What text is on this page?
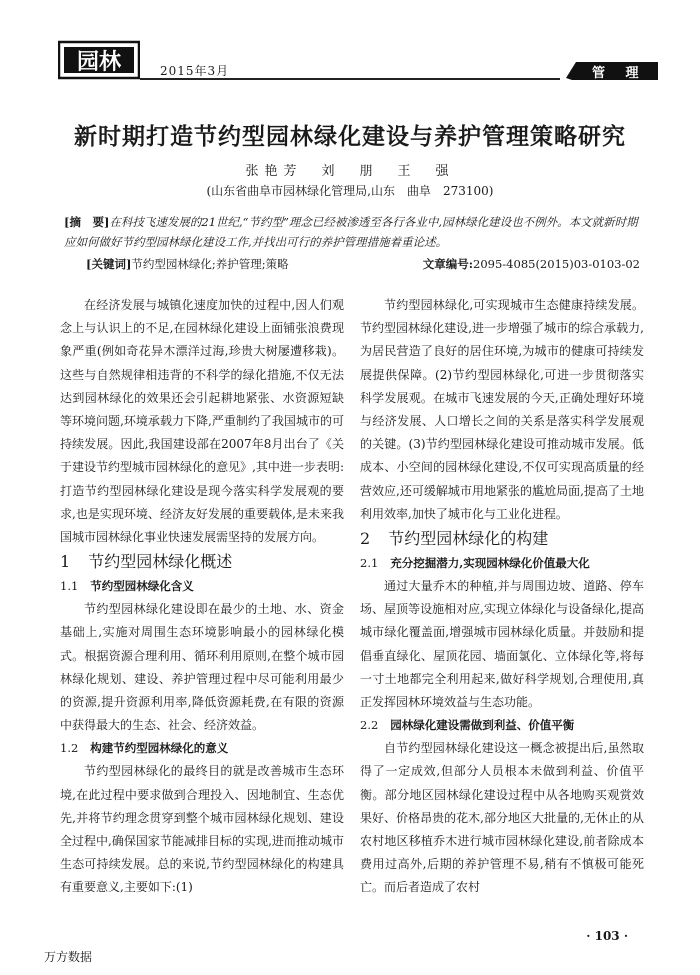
园林	2015年3月	管 理
新时期打造节约型园林绿化建设与养护管理策略研究
张艳芳　刘　朋　王　强
(山东省曲阜市园林绿化管理局,山东　曲阜　273100)
[摘　要]在科技飞速发展的21世纪,“节约型”理念已经被渗透至各行各业中,园林绿化建设也不例外。本文就新时期应如何做好节约型园林绿化建设工作,并找出可行的养护管理措施着重论述。
[关键词]节约型园林绿化;养护管理;策略	文章编号:2095-4085(2015)03-0103-02

在经济发展与城镇化速度加快的过程中,因人们观念上与认识上的不足,在园林绿化建设上面铺张浪费现象严重(例如奇花异木漂洋过海,珍贵大树屡遭移栽)。这些与自然规律相违背的不科学的绿化措施,不仅无法达到园林绿化的效果还会引起耕地紧张、水资源短缺等环境问题,环境承载力下降,严重制约了我国城市的可持续发展。因此,我国建设部在2007年8月出台了《关于建设节约型城市园林绿化的意见》,其中进一步表明:打造节约型园林绿化建设是现今落实科学发展观的要求,也是实现环境、经济友好发展的重要载体,是未来我国城市园林绿化事业快速发展需坚持的发展方向。

1 节约型园林绿化概述

1.1 节约型园林绿化含义

节约型园林绿化建设即在最少的土地、水、资金基础上,实施对周围生态环境影响最小的园林绿化模式。根据资源合理利用、循环利用原则,在整个城市园林绿化规划、建设、养护管理过程中尽可能利用最少的资源,提升资源利用率,降低资源耗费,在有限的资源中获得最大的生态、社会、经济效益。

1.2 构建节约型园林绿化的意义

节约型园林绿化的最终目的就是改善城市生态环境,在此过程中要求做到合理投入、因地制宜、生态优先,并将节约理念贯穿到整个城市园林绿化规划、建设全过程中,确保国家节能减排目标的实现,进而推动城市生态可持续发展。总的来说,节约型园林绿化的构建具有重要意义,主要如下:(1)

节约型园林绿化,可实现城市生态健康持续发展。节约型园林绿化建设,进一步增强了城市的综合承载力,为居民营造了良好的居住环境,为城市的健康可持续发展提供保障。(2)节约型园林绿化,可进一步贯彻落实科学发展观。在城市飞速发展的今天,正确处理好环境与经济发展、人口增长之间的关系是落实科学发展观的关键。(3)节约型园林绿化建设可推动城市发展。低成本、小空间的园林绿化建设,不仅可实现高质量的经营效应,还可缓解城市用地紧张的尴尬局面,提高了土地利用效率,加快了城市化与工业化进程。

2 节约型园林绿化的构建

2.1 充分挖掘潜力,实现园林绿化价值最大化

通过大量乔木的种植,并与周围边坡、道路、停车场、屋顶等设施相对应,实现立体绿化与设备绿化,提高城市绿化覆盖面,增强城市园林绿化质量。并鼓励和提倡垂直绿化、屋顶花园、墙面氯化、立体绿化等,将每一寸土地都完全利用起来,做好科学规划,合理使用,真正发挥园林环境效益与生态功能。

2.2 园林绿化建设需做到利益、价值平衡

自节约型园林绿化建设这一概念被提出后,虽然取得了一定成效,但部分人员根本未做到利益、价值平衡。部分地区园林绿化建设过程中从各地购买观赏效果好、价格昂贵的花木,部分地区大批量的,无休止的从农村地区移植乔木进行城市园林绿化建设,前者除成本费用过高外,后期的养护管理不易,稍有不慎极可能死亡。而后者造成了农村

· 103 ·
万方数据
